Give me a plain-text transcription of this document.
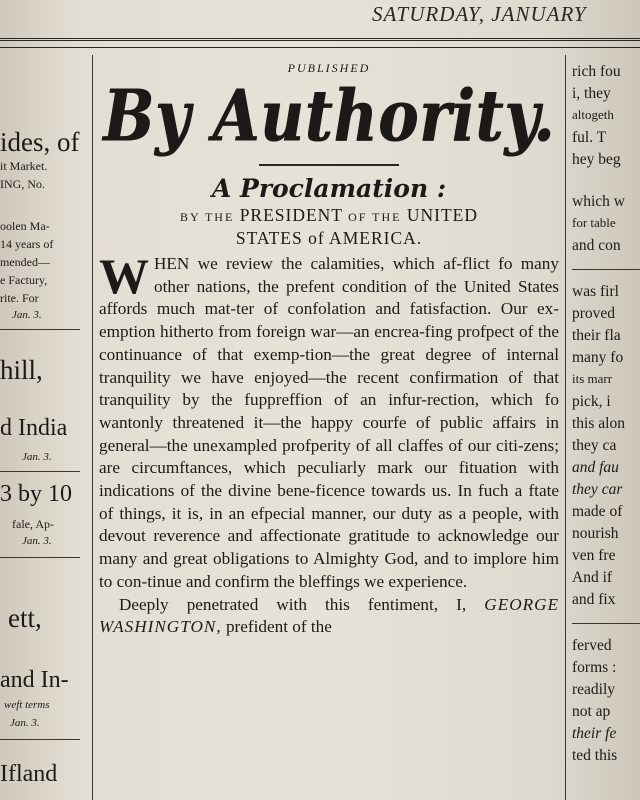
SATURDAY, JANUARY
ides, of
it Market.
ING, No.
oolen Ma-
14 years of
mended—
e Factury,
rite. For
Jan. 3.
hill,
d India
Jan. 3.
3 by 10
fale, Ap-
Jan. 3.
ett,
and In-
weft terms
Jan. 3.
Ifland
PUBLISHED
By Authority.
A Proclamation :
BY THE PRESIDENT OF THE UNITED
STATES of AMERICA.

W HEN we review the calamities, which af-flict fo many other nations, the prefent condition of the United States affords much mat-ter of confolation and fatisfaction. Our ex-emption hitherto from foreign war—an encrea-fing profpect of the continuance of that exemp-tion—the great degree of internal tranquility we have enjoyed—the recent confirmation of that tranquility by the fuppreffion of an infur-rection, which fo wantonly threatened it—the happy courfe of public affairs in general—the unexampled profperity of all claffes of our citi-zens; are circumftances, which peculiarly mark our fituation with indications of the divine bene-ficence towards us. In fuch a ftate of things, it is, in an efpecial manner, our duty as a people, with devout reverence and affectionate gratitude to acknowledge our many and great obligations to Almighty God, and to implore him to con-tinue and confirm the bleffings we experience.

Deeply penetrated with this fentiment, I, GEORGE WASHINGTON, prefident of the

rich fou
i, they
altogeth
ful. T
hey beg
which w
for table
and con
was firl
proved
their fla
many fo
its marr
pick, i
this alon
they ca
and fau
they car
made of
nourish
ven fre
And if
and fix
ferved
forms :
readily
not ap
their fe
ted this
